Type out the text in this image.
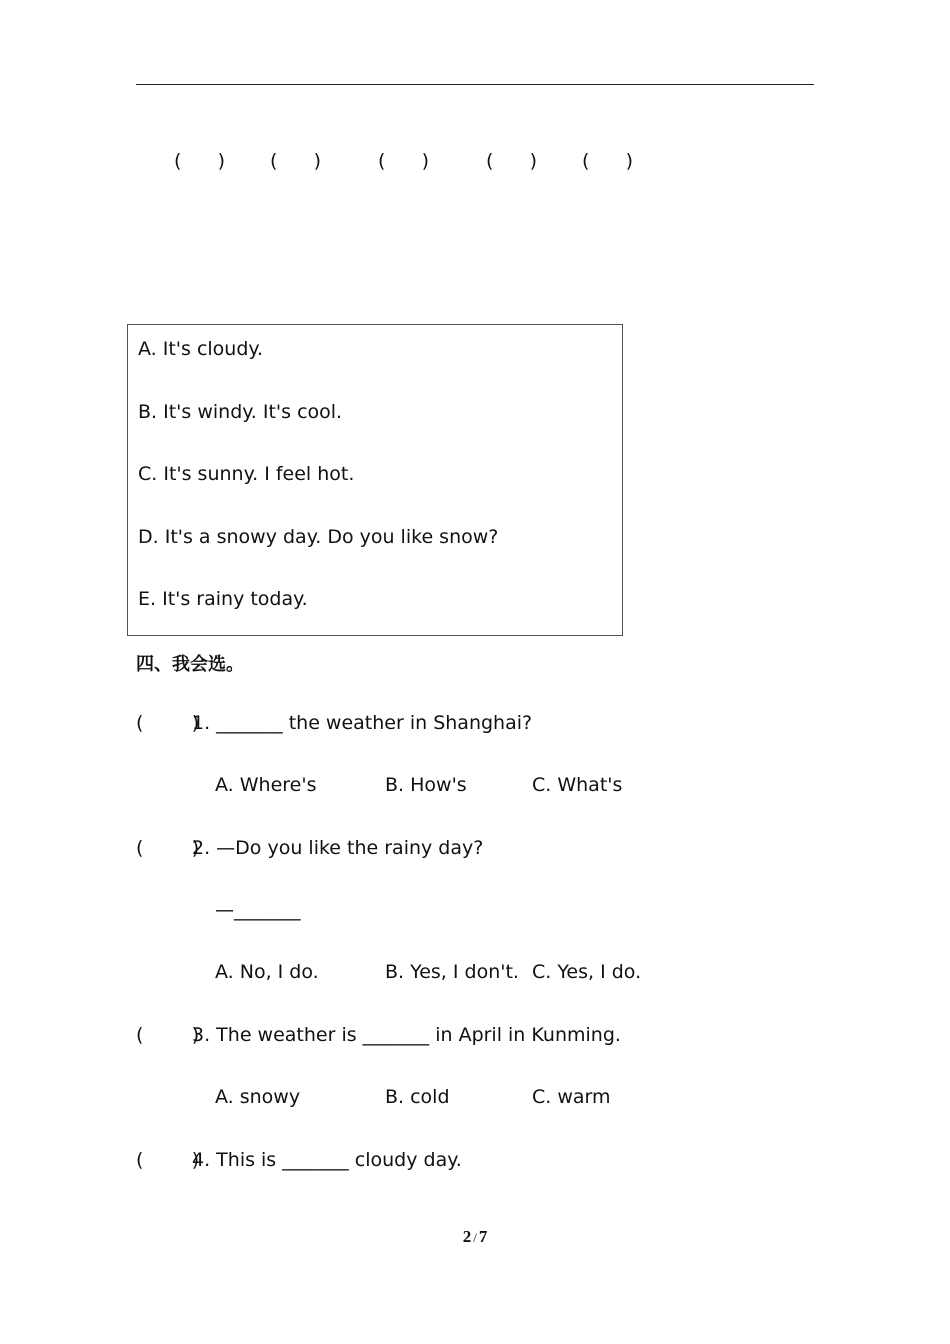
(      ) (      )	(      )	(      ) (      )
A. It's cloudy.
B. It's windy. It's cool.
C. It's sunny. I feel hot.
D. It's a snowy day. Do you like snow?
E. It's rainy today.
四、我会选。
(        )
1. _______ the weather in Shanghai?
A. Where's	B. How's	C. What's
(        )
2. —Do you like the rainy day?
—_______
A. No, I do.	B. Yes, I don't. C. Yes, I do.
(        )
3. The weather is _______ in April in Kunming.
A. snowy	B. cold	C. warm
(        )
4. This is _______ cloudy day.
2 / 7
